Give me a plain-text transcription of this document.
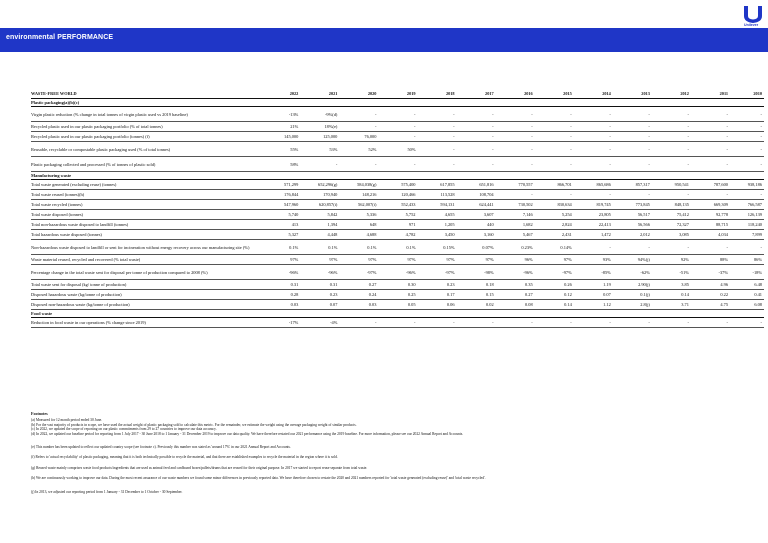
environmental PERFORMANCE
Unilever
WASTE-FREE WORLD	2022	2021	2020	2019	2018	2017	2016	2015	2014	2013	2012	2011	2010
Plastic packaging(a)(b)(c)													
Virgin plastic reduction (% change in total tonnes of virgin plastic used vs 2019 baseline)	-13%	-9%(d)	-	-	-	-	-	-	-	-	-	-	-
Recycled plastic used in our plastic packaging portfolio (% of total tonnes)	21%	18%(e)	-	-	-	-	-	-	-	-	-	-	-
Recycled plastic used in our plastic packaging portfolio (tonnes) (f)	145,000	125,000	76,000	-	-	-	-	-	-	-	-	-	-
Reusable, recyclable or compostable plastic packaging used (% of total tonnes)	55%	53%	52%	50%	-	-	-	-	-	-	-	-	-
Plastic packaging collected and processed (% of tonnes of plastic sold)	58%	-	-	-	-	-	-	-	-	-	-	-	-
Manufacturing waste													
Total waste generated (excluding reuse) (tonnes)	571,299	652,296(g)	584,038(g)	575,400	617,855	651,816	770,557	866,701	865,686	857,317	950,541	787,600	938,186
Total waste reused (tonnes)(h)	176,844	170,940	148,216	120,466	113,528	108,704	-	-	-	-	-	-	-
Total waste recycled (tonnes)	547,960	620,857(i)	562,007(i)	552,433	594,131	624,441	730,502	830,634	819,745	773,845	848,135	669,309	766,587
Total waste disposed (tonnes)	5,740	5,842	5,336	5,752	4,655	3,607	7,146	5,254	23,805	56,517	75,412	92,778	126,139
Total non-hazardous waste disposed to landfill (tonnes)	413	1,394	648	971	1,205	440	1,682	2,824	22,413	56,566	72,327	88,715	118,240
Total hazardous waste disposed (tonnes)	5,327	4,448	4,688	4,782	3,450	3,160	5,467	2,431	1,472	2,012	3,085	4,034	7,899
Non-hazardous waste disposed to landfill or sent for incineration without energy recovery across our manufacturing site (%)	0.1%	0.1%	0.1%	0.1%	0.15%	0.07%	0.23%	0.14%	-	-	-	-	-
Waste material reused, recycled and recovered (% total waste)	97%	97%	97%	97%	97%	97%	96%	97%	93%	94%(j)	92%	88%	86%
Percentage change in the total waste sent for disposal per tonne of production compared to 2008 (%)	-96%	-96%	-97%	-96%	-97%	-98%	-96%	-97%	-85%	-62%	-51%	-37%	-18%
Total waste sent for disposal (kg/ tonne of production)	0.31	0.31	0.27	0.30	0.23	0.18	0.35	0.26	1.19	2.90(j)	3.85	4.96	6.48
Disposed hazardous waste (kg/tonne of production)	0.28	0.23	0.24	0.25	0.17	0.15	0.27	0.12	0.07	0.1(j)	0.14	0.22	0.41
Disposed non-hazardous waste (kg/tonne of production)	0.03	0.07	0.03	0.05	0.06	0.02	0.08	0.14	1.12	2.8(j)	3.71	4.75	6.08
Food waste													
Reduction in food waste in our operations (% change since 2019)	-17%	-4%	-	-	-	-	-	-	-	-	-	-	-
Footnotes

(a) Measured for 12 month period ended 30 June.

(b) For the vast majority of products in scope, we have used the actual weight of plastic packaging sold to calculate this metric. For the remainder, we estimate the weight using the average packaging weight of similar products.

(c) In 2022, we updated the scope of reporting on our plastic commitments from 29 to 27 countries to improve our data accuracy.

(d) In 2022, we updated our baseline period for reporting from 1 July 2017 - 30 June 2018 to 1 January - 31 December 2019 to improve our data quality. We have therefore restated our 2021 performance using the 2019 baseline. For more information, please see our 2022 Annual Report and Accounts.

(e) This number has been updated to reflect our updated country scope (see footnote c). Previously this number was stated as 'around 17%' in our 2021 Annual Report and Accounts.

(f) Refers to 'actual recyclability' of plastic packaging, meaning that it is both technically possible to recycle the material, and that there are established examples to recycle the material in the region where it is sold.

(g) Reused waste mainly comprises waste food products/ingredients that are used as animal feed and cardboard boxes/pallets/drums that are reused for their original purpose. In 2017 we started to report reuse separate from total waste.

(h) We are continuously working to improve our data. During the most recent assurance of our waste numbers we found some minor differences in previously reported data. We have therefore chosen to restate the 2020 and 2021 numbers reported for 'total waste generated (excluding reuse)' and 'total waste recycled'.

(j) In 2013, we adjusted our reporting period from 1 January - 31 December to 1 October - 30 September.
